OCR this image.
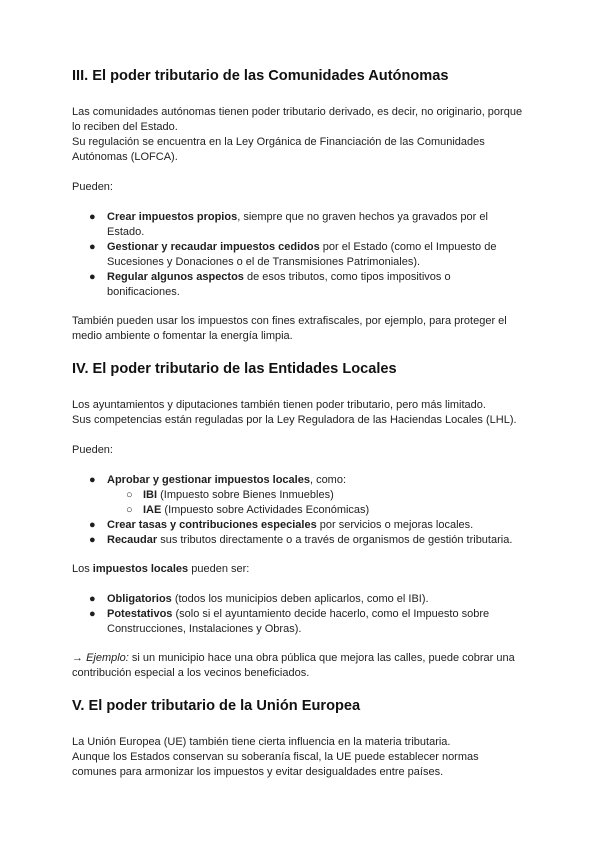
III. El poder tributario de las Comunidades Autónomas

Las comunidades autónomas tienen poder tributario derivado, es decir, no originario, porque
lo reciben del Estado.
Su regulación se encuentra en la Ley Orgánica de Financiación de las Comunidades
Autónomas (LOFCA).

Pueden:

● Crear impuestos propios, siempre que no graven hechos ya gravados por el
Estado.
● Gestionar y recaudar impuestos cedidos por el Estado (como el Impuesto de
Sucesiones y Donaciones o el de Transmisiones Patrimoniales).
● Regular algunos aspectos de esos tributos, como tipos impositivos o
bonificaciones.

También pueden usar los impuestos con fines extrafiscales, por ejemplo, para proteger el
medio ambiente o fomentar la energía limpia.

IV. El poder tributario de las Entidades Locales

Los ayuntamientos y diputaciones también tienen poder tributario, pero más limitado.
Sus competencias están reguladas por la Ley Reguladora de las Haciendas Locales (LHL).

Pueden:

● Aprobar y gestionar impuestos locales, como:
○ IBI (Impuesto sobre Bienes Inmuebles)
○ IAE (Impuesto sobre Actividades Económicas)
● Crear tasas y contribuciones especiales por servicios o mejoras locales.
● Recaudar sus tributos directamente o a través de organismos de gestión tributaria.

Los impuestos locales pueden ser:

● Obligatorios (todos los municipios deben aplicarlos, como el IBI).
● Potestativos (solo si el ayuntamiento decide hacerlo, como el Impuesto sobre
Construcciones, Instalaciones y Obras).

→ Ejemplo: si un municipio hace una obra pública que mejora las calles, puede cobrar una
contribución especial a los vecinos beneficiados.

V. El poder tributario de la Unión Europea

La Unión Europea (UE) también tiene cierta influencia en la materia tributaria.
Aunque los Estados conservan su soberanía fiscal, la UE puede establecer normas
comunes para armonizar los impuestos y evitar desigualdades entre países.
